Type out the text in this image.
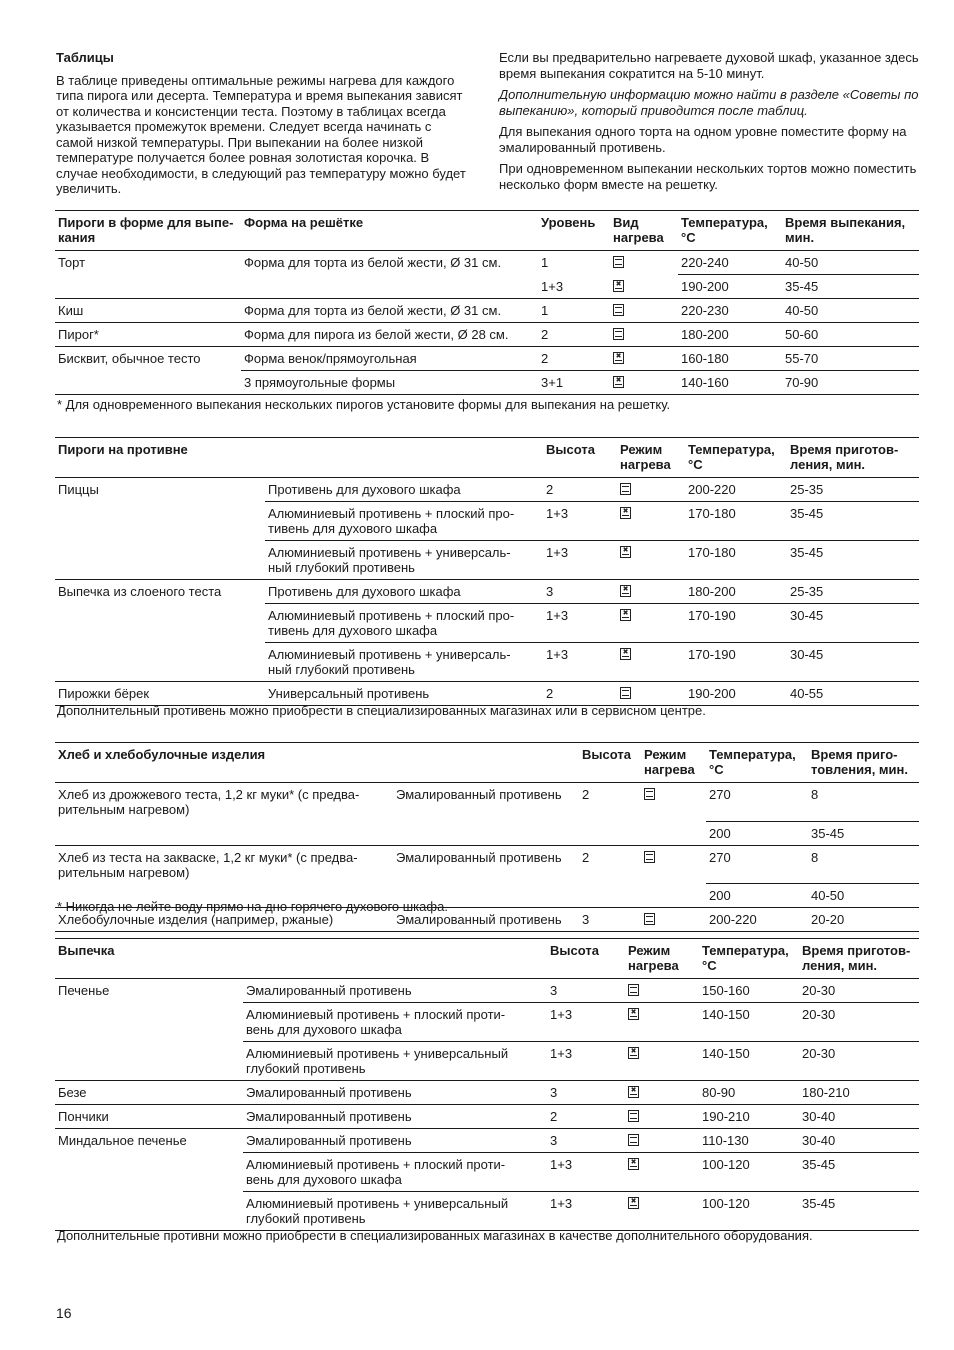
Таблицы

В таблице приведены оптимальные режимы нагрева для каждого типа пирога или десерта. Температура и время выпекания зависят от количества и консистенции теста. Поэтому в таблицах всегда указывается промежуток времени. Следует всегда начинать с самой низкой температуры. При выпекании на более низкой температуре получается более ровная золотистая корочка. В случае необходимости, в следующий раз температуру можно будет увеличить.

Если вы предварительно нагреваете духовой шкаф, указанное здесь время выпекания сократится на 5-10 минут.

Дополнительную информацию можно найти в разделе «Советы по выпеканию», который приводится после таблиц.

Для выпекания одного торта на одном уровне поместите форму на эмалированный противень.

При одновременном выпекании нескольких тортов можно поместить несколько форм вместе на решетку.

Пироги в форме для выпе-
кания	Форма на решётке	Уровень	Вид
нагрева	Температура,
°C	Время выпекания,
мин.
Торт	Форма для торта из белой жести, Ø 31 см.	1		220-240	40-50
		1+3	✖	190-200	35-45
Киш	Форма для торта из белой жести, Ø 31 см.	1		220-230	40-50
Пирог*	Форма для пирога из белой жести, Ø 28 см.	2		180-200	50-60
Бисквит, обычное тесто	Форма венок/прямоугольная	2	✖	160-180	55-70
	3 прямоугольные формы	3+1	✖	140-160	70-90
* Для одновременного выпекания нескольких пирогов установите формы для выпекания на решетку.
Пироги на противне		Высота	Режим
нагрева	Температура,
°C	Время приготов-
ления, мин.
Пиццы	Противень для духового шкафа	2		200-220	25-35
	Алюминиевый противень + плоский про-
тивень для духового шкафа	1+3	✖	170-180	35-45
	Алюминиевый противень + универсаль-
ный глубокий противень	1+3	✖	170-180	35-45
Выпечка из слоеного теста	Противень для духового шкафа	3	✖	180-200	25-35
	Алюминиевый противень + плоский про-
тивень для духового шкафа	1+3	✖	170-190	30-45
	Алюминиевый противень + универсаль-
ный глубокий противень	1+3	✖	170-190	30-45
Пирожки бёрек	Универсальный противень	2		190-200	40-55
Дополнительный противень можно приобрести в специализированных магазинах или в сервисном центре.
Хлеб и хлебобулочные изделия		Высота	Режим
нагрева	Температура,
°C	Время приго-
товления, мин.
Хлеб из дрожжевого теста, 1,2 кг муки* (с предва-
рительным нагревом)	Эмалированный противень	2		270	8
				200	35-45
Хлеб из теста на закваске, 1,2 кг муки* (с предва-
рительным нагревом)	Эмалированный противень	2		270	8
				200	40-50
Хлебобулочные изделия (например, ржаные)	Эмалированный противень	3		200-220	20-20
* Никогда не лейте воду прямо на дно горячего духового шкафа.
Выпечка		Высота	Режим
нагрева	Температура,
°C	Время приготов-
ления, мин.
Печенье	Эмалированный противень	3		150-160	20-30
	Алюминиевый противень + плоский проти-
вень для духового шкафа	1+3	✖	140-150	20-30
	Алюминиевый противень + универсальный
глубокий противень	1+3	✖	140-150	20-30
Безе	Эмалированный противень	3	✖	80-90	180-210
Пончики	Эмалированный противень	2		190-210	30-40
Миндальное печенье	Эмалированный противень	3		110-130	30-40
	Алюминиевый противень + плоский проти-
вень для духового шкафа	1+3	✖	100-120	35-45
	Алюминиевый противень + универсальный
глубокий противень	1+3	✖	100-120	35-45
Дополнительные противни можно приобрести в специализированных магазинах в качестве дополнительного оборудования.
16
